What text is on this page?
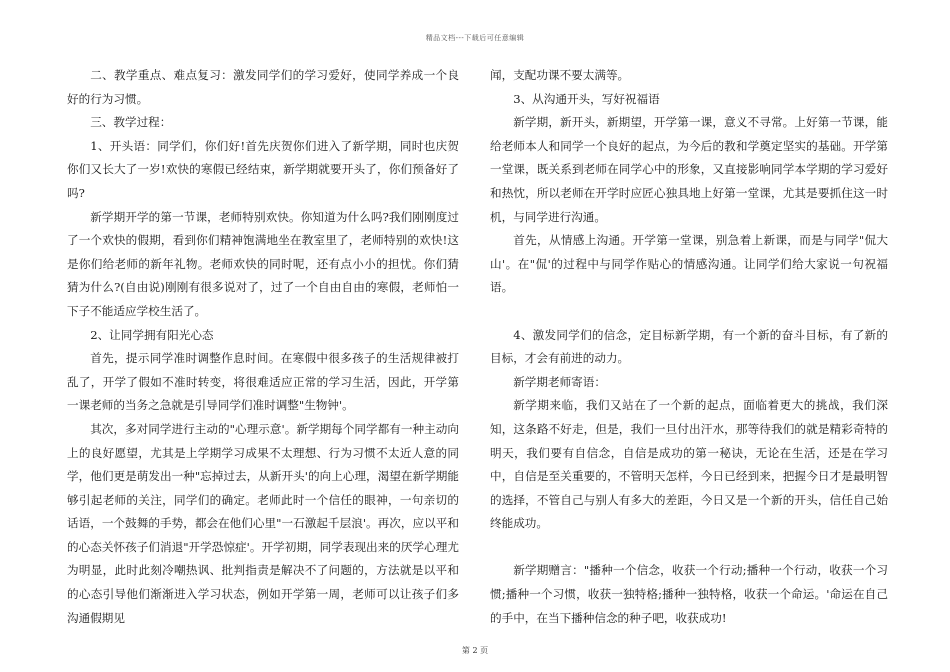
精品文档---下载后可任意编辑

二、教学重点、难点复习：激发同学们的学习爱好，使同学养成一个良好的行为习惯。

三、教学过程：

1、开头语：同学们，你们好!首先庆贺你们进入了新学期，同时也庆贺你们又长大了一岁!欢快的寒假已经结束，新学期就要开头了，你们预备好了吗?

新学期开学的第一节课，老师特别欢快。你知道为什么吗?我们刚刚度过了一个欢快的假期，看到你们精神饱满地坐在教室里了，老师特别的欢快!这是你们给老师的新年礼物。老师欢快的同时呢，还有点小小的担忧。你们猜猜为什么?(自由说)刚刚有很多说对了，过了一个自由自由的寒假，老师怕一下子不能适应学校生活了。

2、让同学拥有阳光心态

首先，提示同学准时调整作息时间。在寒假中很多孩子的生活规律被打乱了，开学了假如不准时转变，将很难适应正常的学习生活，因此，开学第一课老师的当务之急就是引导同学们准时调整"生物钟'。

其次，多对同学进行主动的"心理示意'。新学期每个同学都有一种主动向上的良好愿望，尤其是上学期学习成果不太理想、行为习惯不太近人意的同学，他们更是萌发出一种"忘掉过去，从新开头'的向上心理，渴望在新学期能够引起老师的关注，同学们的确定。老师此时一个信任的眼神，一句亲切的话语，一个鼓舞的手势，都会在他们心里"一石激起千层浪'。再次，应以平和的心态关怀孩子们消退"开学恐惊症'。开学初期，同学表现出来的厌学心理尤为明显，此时此刻冷嘲热讽、批判指责是解决不了问题的，方法就是以平和的心态引导他们渐渐进入学习状态，例如开学第一周，老师可以让孩子们多沟通假期见

闻，支配功课不要太满等。

3、从沟通开头，写好祝福语

新学期，新开头，新期望，开学第一课，意义不寻常。上好第一节课，能给老师本人和同学一个良好的起点，为今后的教和学奠定坚实的基础。开学第一堂课，既关系到老师在同学心中的形象，又直接影响同学本学期的学习爱好和热忱，所以老师在开学时应匠心独具地上好第一堂课，尤其是要抓住这一时机，与同学进行沟通。

首先，从情感上沟通。开学第一堂课，别急着上新课，而是与同学"侃大山'。在"侃'的过程中与同学作贴心的情感沟通。让同学们给大家说一句祝福语。

4、激发同学们的信念，定目标新学期，有一个新的奋斗目标，有了新的目标，才会有前进的动力。

新学期老师寄语：

新学期来临，我们又站在了一个新的起点，面临着更大的挑战，我们深知，这条路不好走，但是，我们一旦付出汗水，那等待我们的就是精彩奇特的明天，我们要有自信念，自信是成功的第一秘诀，无论在生活，还是在学习中，自信是至关重要的，不管明天怎样，今日已经到来，把握今日才是最明智的选择，不管自己与别人有多大的差距，今日又是一个新的开头，信任自己始终能成功。

新学期赠言："播种一个信念，收获一个行动;播种一个行动，收获一个习惯;播种一个习惯，收获一独特格;播种一独特格，收获一个命运。'命运在自己的手中，在当下播种信念的种子吧，收获成功!

第 2 页
